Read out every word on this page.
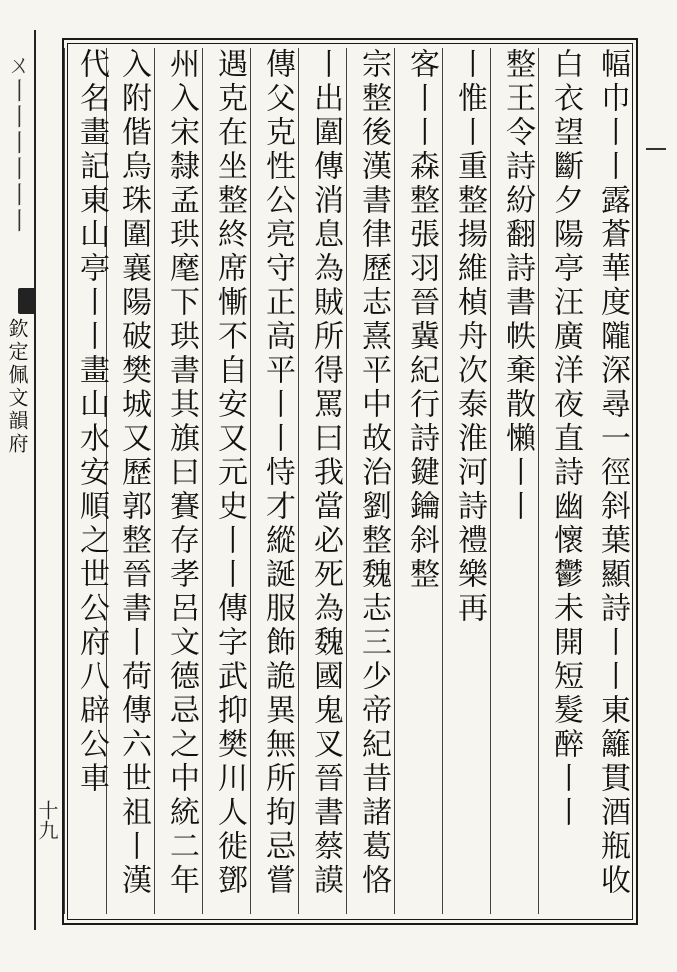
ㄨ丨丨丨丨丨丨
欽定佩文韻府
十九	幅巾丨丨露蒼華度隴深尋一徑斜葉顯詩丨丨東籬貫酒瓶收
白衣望斷夕陽亭汪廣洋夜直詩幽懷鬱未開短髮醉丨丨
整王令詩紛翻詩書帙棄散懶丨丨
丨惟丨重整揚維楨舟次泰淮河詩禮樂再
客丨丨森整張羽晉冀紀行詩鍵鑰斜整
宗整後漢書律歷志熹平中故治劉整魏志三少帝紀昔諸葛恪
丨出圍傳消息為賊所得罵曰我當必死為魏國鬼叉晉書蔡謨
傳父克性公亮守正高平丨丨恃才縱誕服飾詭異無所拘忌嘗
遇克在坐整終席慚不自安又元史丨丨傳字武抑樊川人徙鄧
州入宋隸孟珙麾下珙書其旗曰賽存孝呂文德忌之中統二年
入附偕烏珠圍襄陽破樊城又歷郭整晉書丨荷傳六世祖丨漢
代名畫記東山亭丨丨畫山水安順之世公府八辟公車
